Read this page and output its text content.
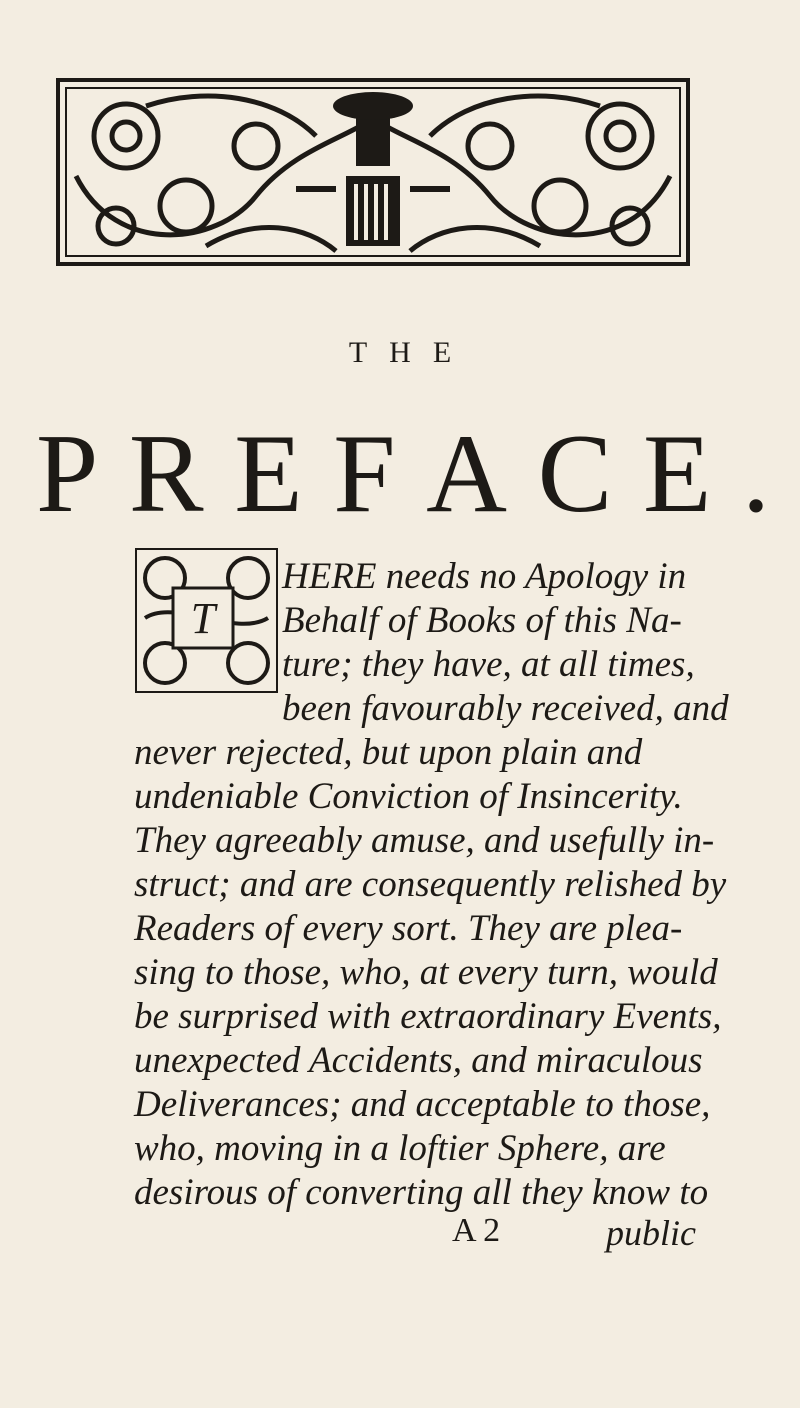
THE
P R E F A C E .
T
HERE needs no Apology in
Behalf of Books of this Na-
ture; they have, at all times,
been favourably received, and
never rejected, but upon plain and
undeniable Conviction of Insincerity.
They agreeably amuse, and usefully in-
struct; and are consequently relished by
Readers of every sort. They are plea-
sing to those, who, at every turn, would
be surprised with extraordinary Events,
unexpected Accidents, and miraculous
Deliverances; and acceptable to those,
who, moving in a loftier Sphere, are
desirous of converting all they know to
A 2	public
